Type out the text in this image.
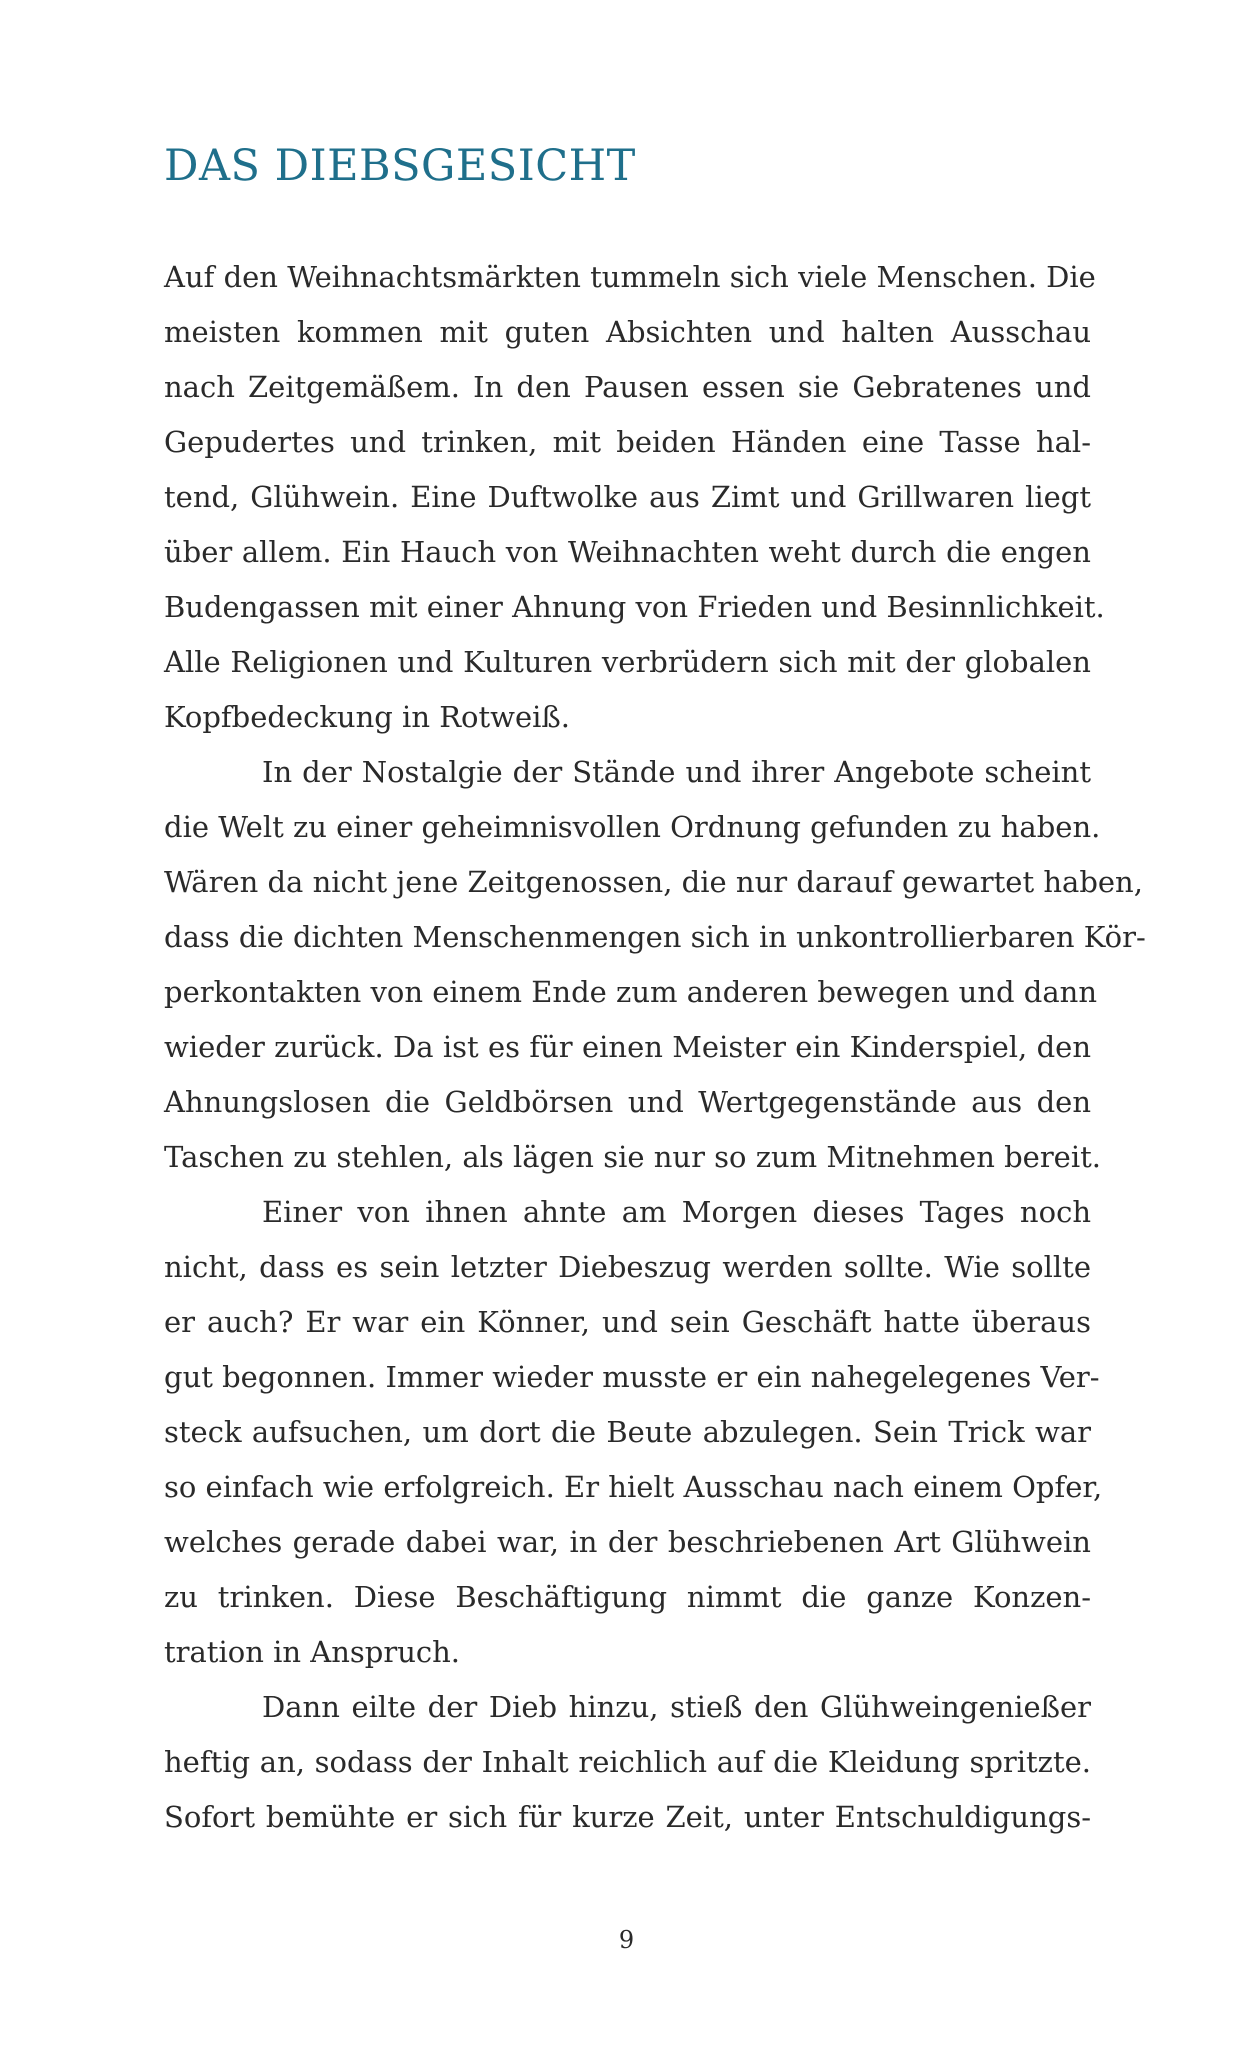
DAS DIEBSGESICHT

Auf den Weihnachtsmärkten tummeln sich viele Menschen. Die

meisten kommen mit guten Absichten und halten Ausschau

nach Zeitgemäßem. In den Pausen essen sie Gebratenes und

Gepudertes und trinken, mit beiden Händen eine Tasse hal-

tend, Glühwein. Eine Duftwolke aus Zimt und Grillwaren liegt

über allem. Ein Hauch von Weihnachten weht durch die engen

Budengassen mit einer Ahnung von Frieden und Besinnlichkeit.

Alle Religionen und Kulturen verbrüdern sich mit der globalen

Kopfbedeckung in Rotweiß.

In der Nostalgie der Stände und ihrer Angebote scheint

die Welt zu einer geheimnisvollen Ordnung gefunden zu haben.

Wären da nicht jene Zeitgenossen, die nur darauf gewartet haben,

dass die dichten Menschenmengen sich in unkontrollierbaren Kör-

perkontakten von einem Ende zum anderen bewegen und dann

wieder zurück. Da ist es für einen Meister ein Kinderspiel, den

Ahnungslosen die Geldbörsen und Wertgegenstände aus den

Taschen zu stehlen, als lägen sie nur so zum Mitnehmen bereit.

Einer von ihnen ahnte am Morgen dieses Tages noch

nicht, dass es sein letzter Diebeszug werden sollte. Wie sollte

er auch? Er war ein Könner, und sein Geschäft hatte überaus

gut begonnen. Immer wieder musste er ein nahegelegenes Ver-

steck aufsuchen, um dort die Beute abzulegen. Sein Trick war

so einfach wie erfolgreich. Er hielt Ausschau nach einem Opfer,

welches gerade dabei war, in der beschriebenen Art Glühwein

zu trinken. Diese Beschäftigung nimmt die ganze Konzen-

tration in Anspruch.

Dann eilte der Dieb hinzu, stieß den Glühweingenießer

heftig an, sodass der Inhalt reichlich auf die Kleidung spritzte.

Sofort bemühte er sich für kurze Zeit, unter Entschuldigungs-

9
